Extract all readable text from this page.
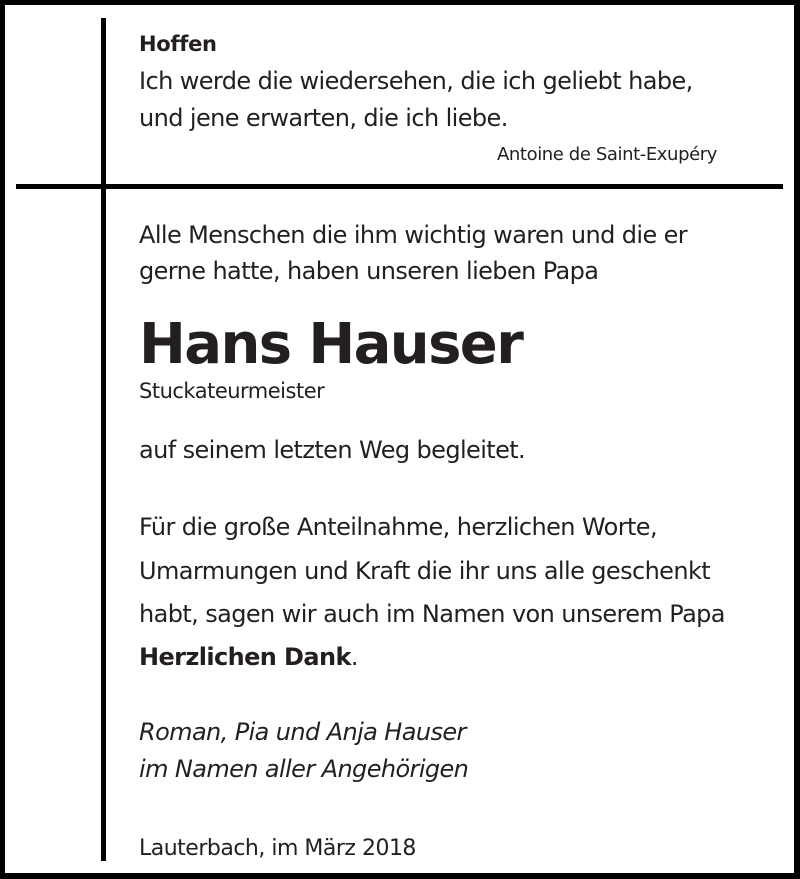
Hoffen
Ich werde die wiedersehen, die ich geliebt habe,
und jene erwarten, die ich liebe.
Antoine de Saint-Exupéry
Alle Menschen die ihm wichtig waren und die er
gerne hatte, haben unseren lieben Papa
Hans Hauser
Stuckateurmeister
auf seinem letzten Weg begleitet.
Für die große Anteilnahme, herzlichen Worte,
Umarmungen und Kraft die ihr uns alle geschenkt
habt, sagen wir auch im Namen von unserem Papa
Herzlichen Dank.
Roman, Pia und Anja Hauser
im Namen aller Angehörigen
Lauterbach, im März 2018
